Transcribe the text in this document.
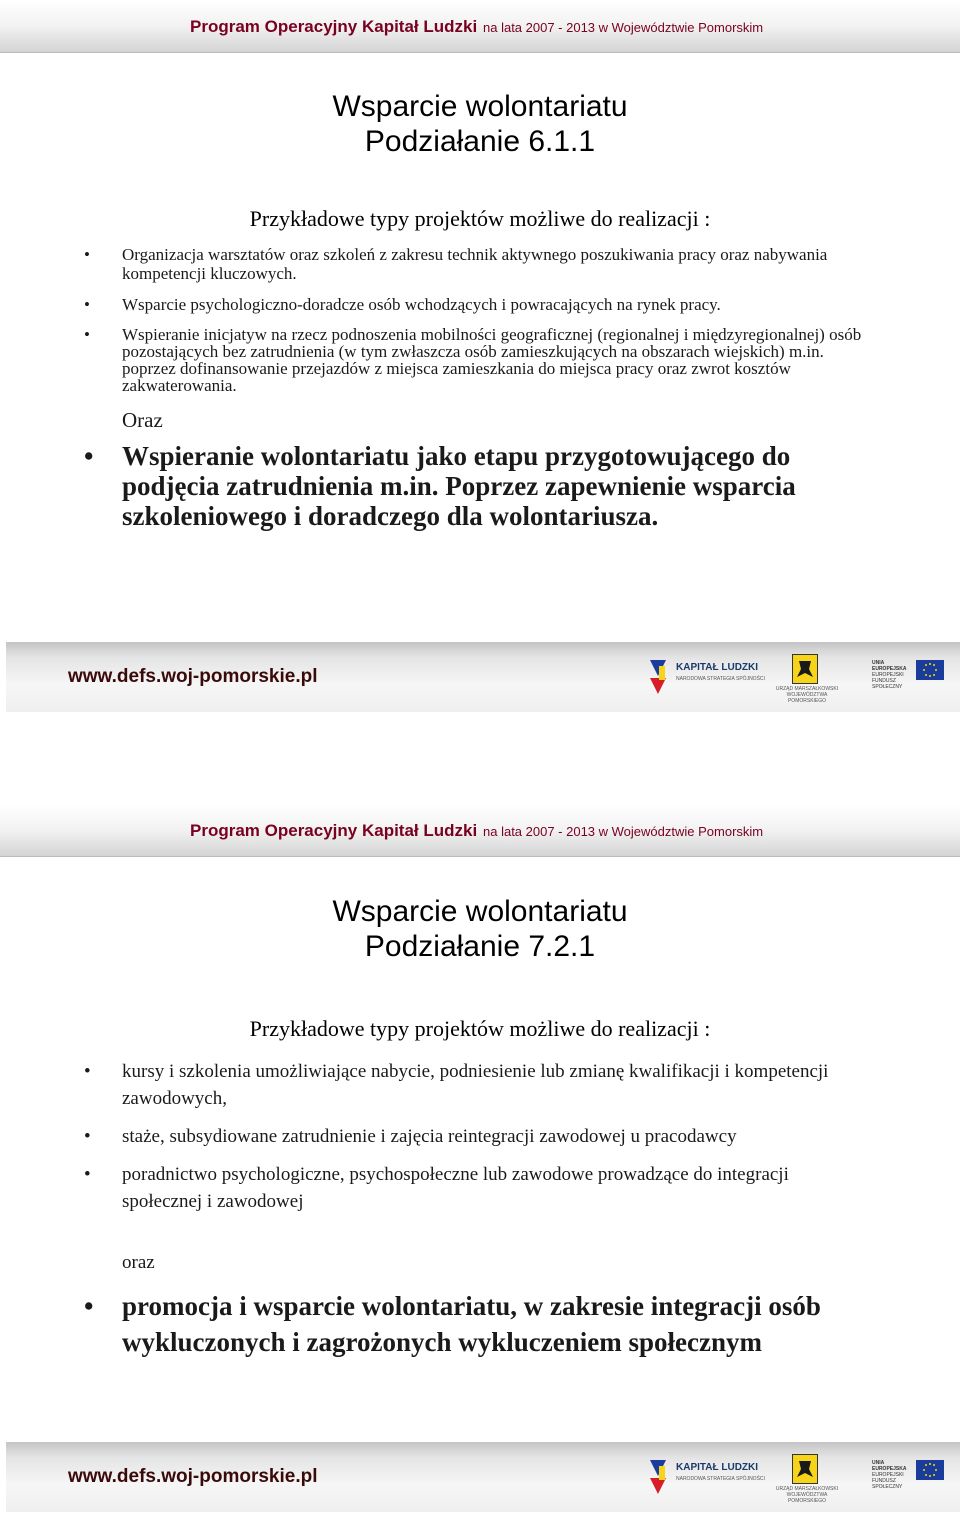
Program Operacyjny Kapitał Ludzki na lata 2007 - 2013 w Województwie Pomorskim
Wsparcie wolontariatu
Podziałanie 6.1.1
Przykładowe typy projektów możliwe do realizacji :
• Organizacja warsztatów oraz szkoleń z zakresu technik aktywnego poszukiwania pracy oraz nabywania kompetencji kluczowych.
• Wsparcie psychologiczno-doradcze osób wchodzących i powracających na rynek pracy.
• Wspieranie inicjatyw na rzecz podnoszenia mobilności geograficznej (regionalnej i międzyregionalnej) osób pozostających bez zatrudnienia (w tym zwłaszcza osób zamieszkujących na obszarach wiejskich) m.in. poprzez dofinansowanie przejazdów z miejsca zamieszkania do miejsca pracy oraz zwrot kosztów zakwaterowania.
Oraz
• Wspieranie wolontariatu jako etapu przygotowującego do podjęcia zatrudnienia m.in. Poprzez zapewnienie wsparcia szkoleniowego i doradczego dla wolontariusza.
www.defs.woj-pomorskie.pl	KAPITAŁ LUDZKI
NARODOWA STRATEGIA SPÓJNOŚCI
URZĄD MARSZAŁKOWSKI
WOJEWÓDZTWA POMORSKIEGO
UNIA EUROPEJSKA
EUROPEJSKI
FUNDUSZ SPOŁECZNY
Program Operacyjny Kapitał Ludzki na lata 2007 - 2013 w Województwie Pomorskim
Wsparcie wolontariatu
Podziałanie 7.2.1
Przykładowe typy projektów możliwe do realizacji :
• kursy i szkolenia umożliwiające nabycie, podniesienie lub zmianę kwalifikacji i kompetencji zawodowych,
• staże, subsydiowane zatrudnienie i zajęcia reintegracji zawodowej u pracodawcy
• poradnictwo psychologiczne, psychospołeczne lub zawodowe prowadzące do integracji społecznej i zawodowej
oraz
• promocja i wsparcie wolontariatu, w zakresie integracji osób wykluczonych i zagrożonych wykluczeniem społecznym
www.defs.woj-pomorskie.pl	KAPITAŁ LUDZKI
NARODOWA STRATEGIA SPÓJNOŚCI
URZĄD MARSZAŁKOWSKI
WOJEWÓDZTWA POMORSKIEGO
UNIA EUROPEJSKA
EUROPEJSKI
FUNDUSZ SPOŁECZNY
